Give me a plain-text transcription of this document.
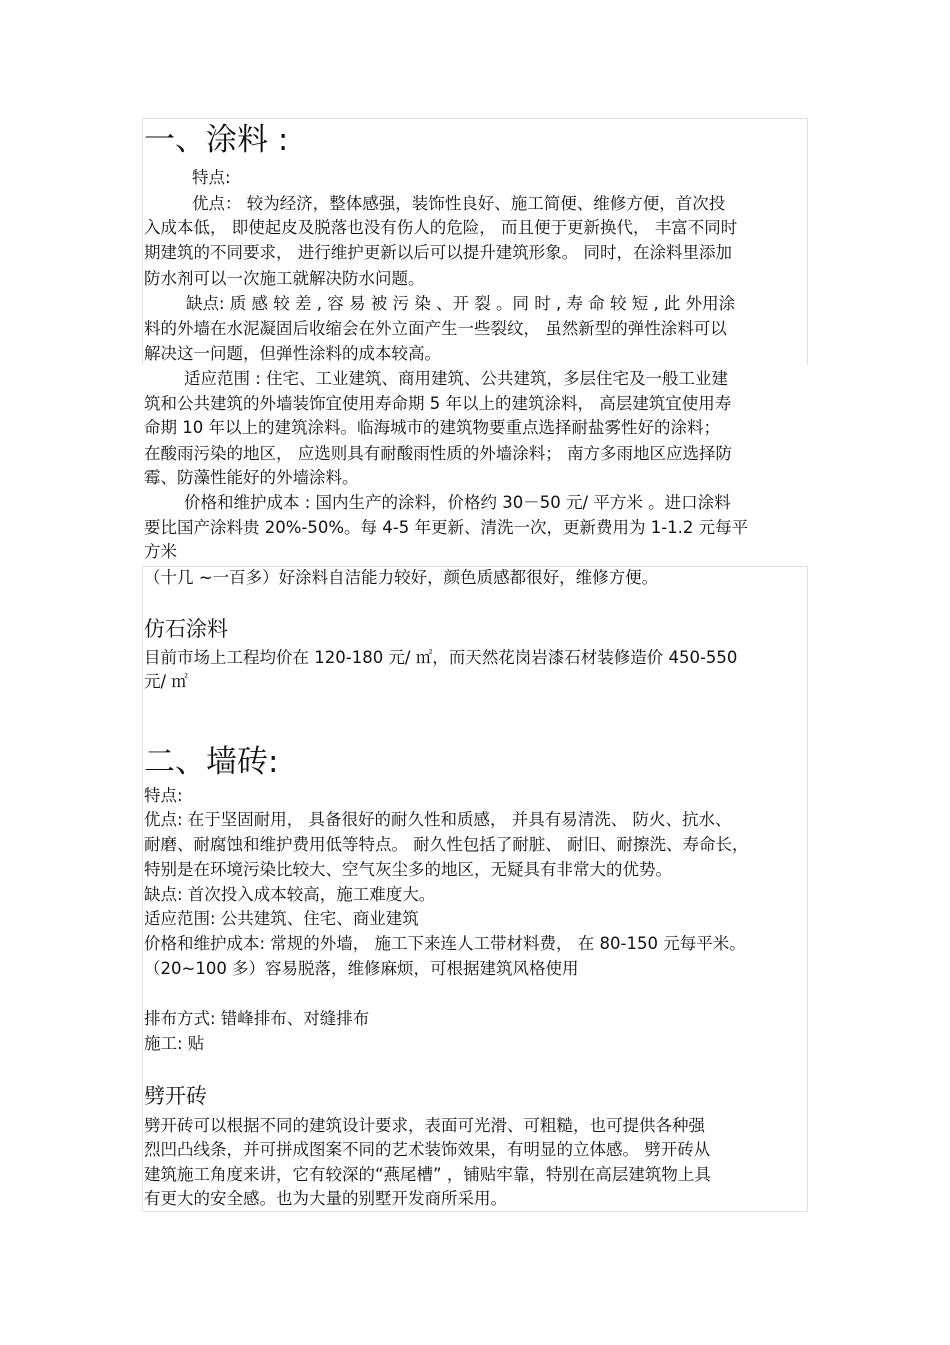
一、涂料 :
特点:
优点： 较为经济，整体感强，装饰性良好、施工简便、维修方便，首次投
入成本低， 即使起皮及脱落也没有伤人的危险， 而且便于更新换代， 丰富不同时
期建筑的不同要求， 进行维护更新以后可以提升建筑形象。 同时，在涂料里添加
防水剂可以一次施工就解决防水问题。
缺点: 质 感 较 差 , 容 易 被 污 染 、开 裂 。同 时 , 寿 命 较 短 , 此 外用涂
料的外墙在水泥凝固后收缩会在外立面产生一些裂纹， 虽然新型的弹性涂料可以
解决这一问题，但弹性涂料的成本较高。
适应范围 : 住宅、工业建筑、商用建筑、公共建筑，多层住宅及一般工业建
筑和公共建筑的外墙装饰宜使用寿命期 5 年以上的建筑涂料， 高层建筑宜使用寿
命期 10 年以上的建筑涂料。临海城市的建筑物要重点选择耐盐雾性好的涂料；
在酸雨污染的地区， 应选则具有耐酸雨性质的外墙涂料； 南方多雨地区应选择防
霉、防藻性能好的外墙涂料。
价格和维护成本 : 国内生产的涂料，价格约 30－50 元/ 平方米 。进口涂料
要比国产涂料贵 20%-50%。每 4-5 年更新、清洗一次，更新费用为 1-1.2 元每平
方米
（十几 ~一百多）好涂料自洁能力较好，颜色质感都很好，维修方便。
仿石涂料
目前市场上工程均价在 120-180 元/ ㎡，而天然花岗岩漆石材装修造价 450-550
元/ ㎡
二、墙砖:
特点:
优点: 在于坚固耐用， 具备很好的耐久性和质感， 并具有易清洗、 防火、抗水、
耐磨、耐腐蚀和维护费用低等特点。 耐久性包括了耐脏、 耐旧、耐擦洗、寿命长，
特别是在环境污染比较大、空气灰尘多的地区，无疑具有非常大的优势。
缺点: 首次投入成本较高，施工难度大。
适应范围: 公共建筑、住宅、商业建筑
价格和维护成本: 常规的外墙， 施工下来连人工带材料费， 在 80-150 元每平米。
（20~100 多）容易脱落，维修麻烦，可根据建筑风格使用
排布方式: 错峰排布、对缝排布
施工: 贴
劈开砖
劈开砖可以根据不同的建筑设计要求，表面可光滑、可粗糙，也可提供各种强
烈凹凸线条，并可拼成图案不同的艺术装饰效果，有明显的立体感。 劈开砖从
建筑施工角度来讲，它有较深的“燕尾槽” ，铺贴牢靠，特别在高层建筑物上具
有更大的安全感。也为大量的别墅开发商所采用。
